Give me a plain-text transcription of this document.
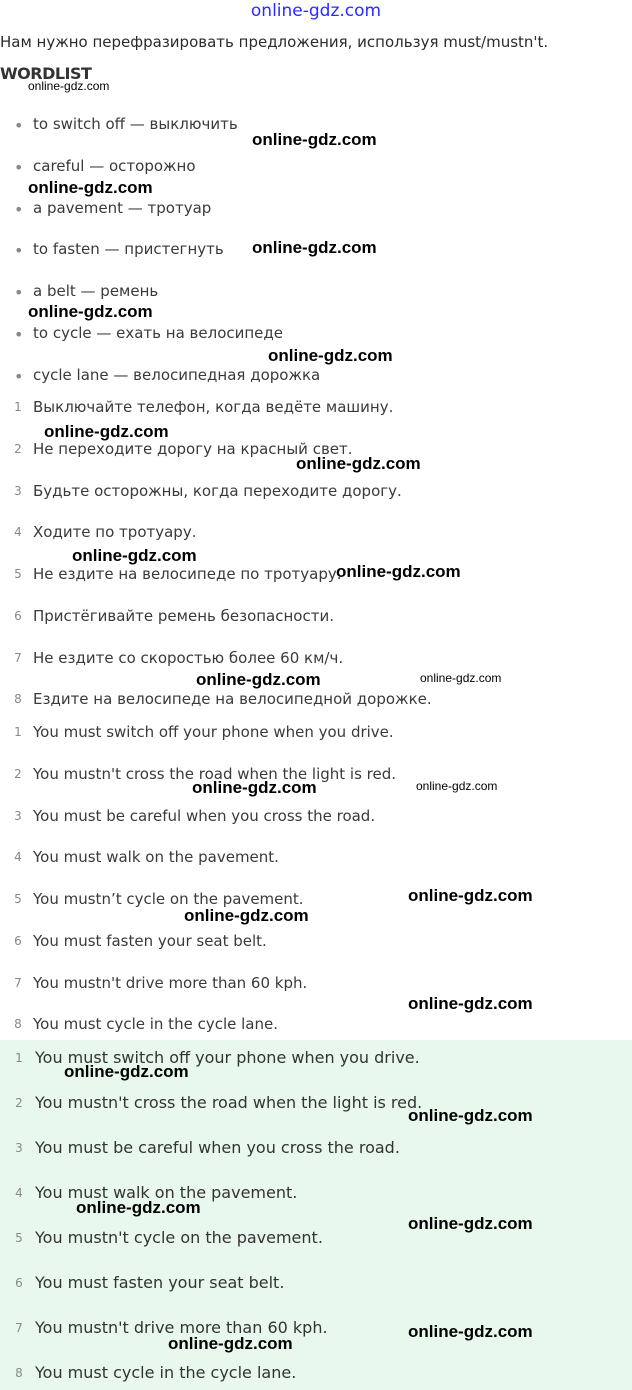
online-gdz.com
Нам нужно перефразировать предложения, используя must/mustn't.
WORDLIST
• to switch off — выключить
• careful — осторожно
• a pavement — тротуар
• to fasten — пристегнуть
• a belt — ремень
• to cycle — ехать на велосипеде
• cycle lane — велосипедная дорожка
1 Выключайте телефон, когда ведёте машину.
2 Не переходите дорогу на красный свет.
3 Будьте осторожны, когда переходите дорогу.
4 Ходите по тротуару.
5 Не ездите на велосипеде по тротуару.
6 Пристёгивайте ремень безопасности.
7 Не ездите со скоростью более 60 км/ч.
8 Ездите на велосипеде на велосипедной дорожке.
1 You must switch off your phone when you drive.
2 You mustn't cross the road when the light is red.
3 You must be careful when you cross the road.
4 You must walk on the pavement.
5 You mustn’t cycle on the pavement.
6 You must fasten your seat belt.
7 You mustn't drive more than 60 kph.
8 You must cycle in the cycle lane.
1 You must switch off your phone when you drive.
2 You mustn't cross the road when the light is red.
3 You must be careful when you cross the road.
4 You must walk on the pavement.
5 You mustn't cycle on the pavement.
6 You must fasten your seat belt.
7 You mustn't drive more than 60 kph.
8 You must cycle in the cycle lane.
online-gdz.com
online-gdz.com
online-gdz.com
online-gdz.com
online-gdz.com
online-gdz.com
online-gdz.com
online-gdz.com
online-gdz.com
online-gdz.com
online-gdz.com
online-gdz.com
online-gdz.com
online-gdz.com
online-gdz.com
online-gdz.com
online-gdz.com
online-gdz.com
online-gdz.com
online-gdz.com
online-gdz.com
online-gdz.com
online-gdz.com
